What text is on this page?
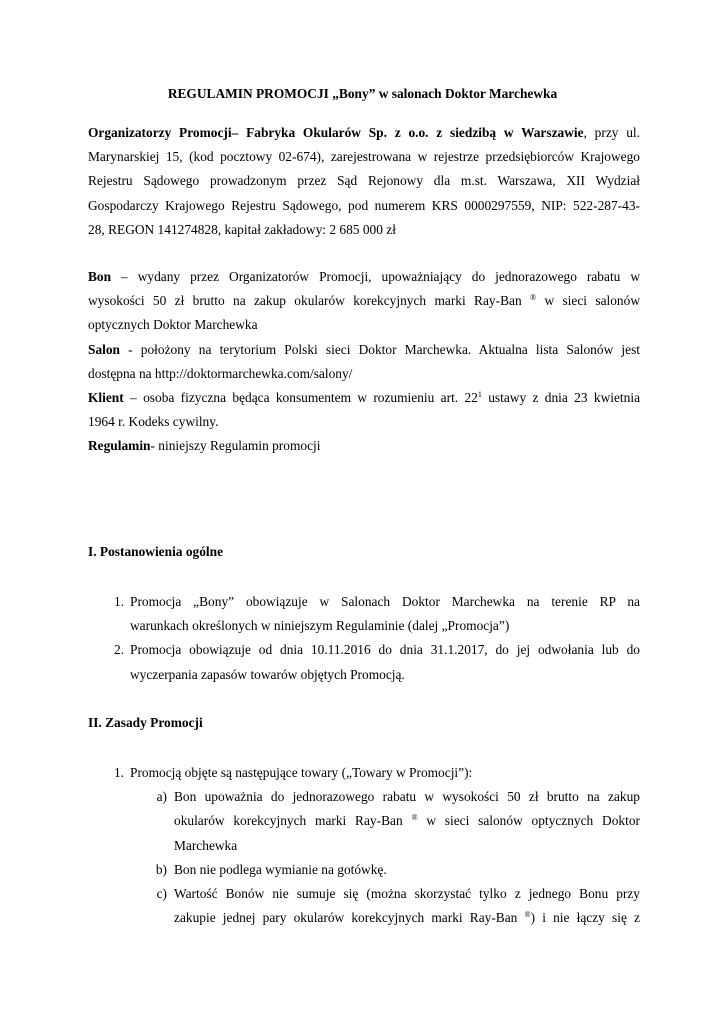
REGULAMIN PROMOCJI „Bony” w salonach Doktor Marchewka
Organizatorzy Promocji– Fabryka Okularów Sp. z o.o. z siedzibą w Warszawie, przy ul.
Marynarskiej 15, (kod pocztowy 02-674), zarejestrowana w rejestrze przedsiębiorców Krajowego
Rejestru Sądowego prowadzonym przez Sąd Rejonowy dla m.st. Warszawa, XII Wydział
Gospodarczy Krajowego Rejestru Sądowego, pod numerem KRS 0000297559, NIP: 522-287-43-
28, REGON 141274828, kapitał zakładowy: 2 685 000 zł
Bon – wydany przez Organizatorów Promocji, upoważniający do jednorazowego rabatu w
wysokości 50 zł brutto na zakup okularów korekcyjnych marki Ray-Ban ® w sieci salonów
optycznych Doktor Marchewka
Salon - położony na terytorium Polski sieci Doktor Marchewka. Aktualna lista Salonów jest
dostępna na http://doktormarchewka.com/salony/
Klient – osoba fizyczna będąca konsumentem w rozumieniu art. $22^1$ ustawy z dnia 23 kwietnia
1964 r. Kodeks cywilny.
Regulamin- niniejszy Regulamin promocji
I. Postanowienia ogólne
1. Promocja „Bony” obowiązuje w Salonach Doktor Marchewka na terenie RP na
warunkach określonych w niniejszym Regulaminie (dalej „Promocja”)
2. Promocja obowiązuje od dnia 10.11.2016 do dnia 31.1.2017, do jej odwołania lub do
wyczerpania zapasów towarów objętych Promocją.
II. Zasady Promocji
1. Promocją objęte są następujące towary („Towary w Promocji”):
a) Bon upoważnia do jednorazowego rabatu w wysokości 50 zł brutto na zakup
okularów korekcyjnych marki Ray-Ban ® w sieci salonów optycznych Doktor
Marchewka
b) Bon nie podlega wymianie na gotówkę.
c) Wartość Bonów nie sumuje się (można skorzystać tylko z jednego Bonu przy
zakupie jednej pary okularów korekcyjnych marki Ray-Ban ®) i nie łączy się z
